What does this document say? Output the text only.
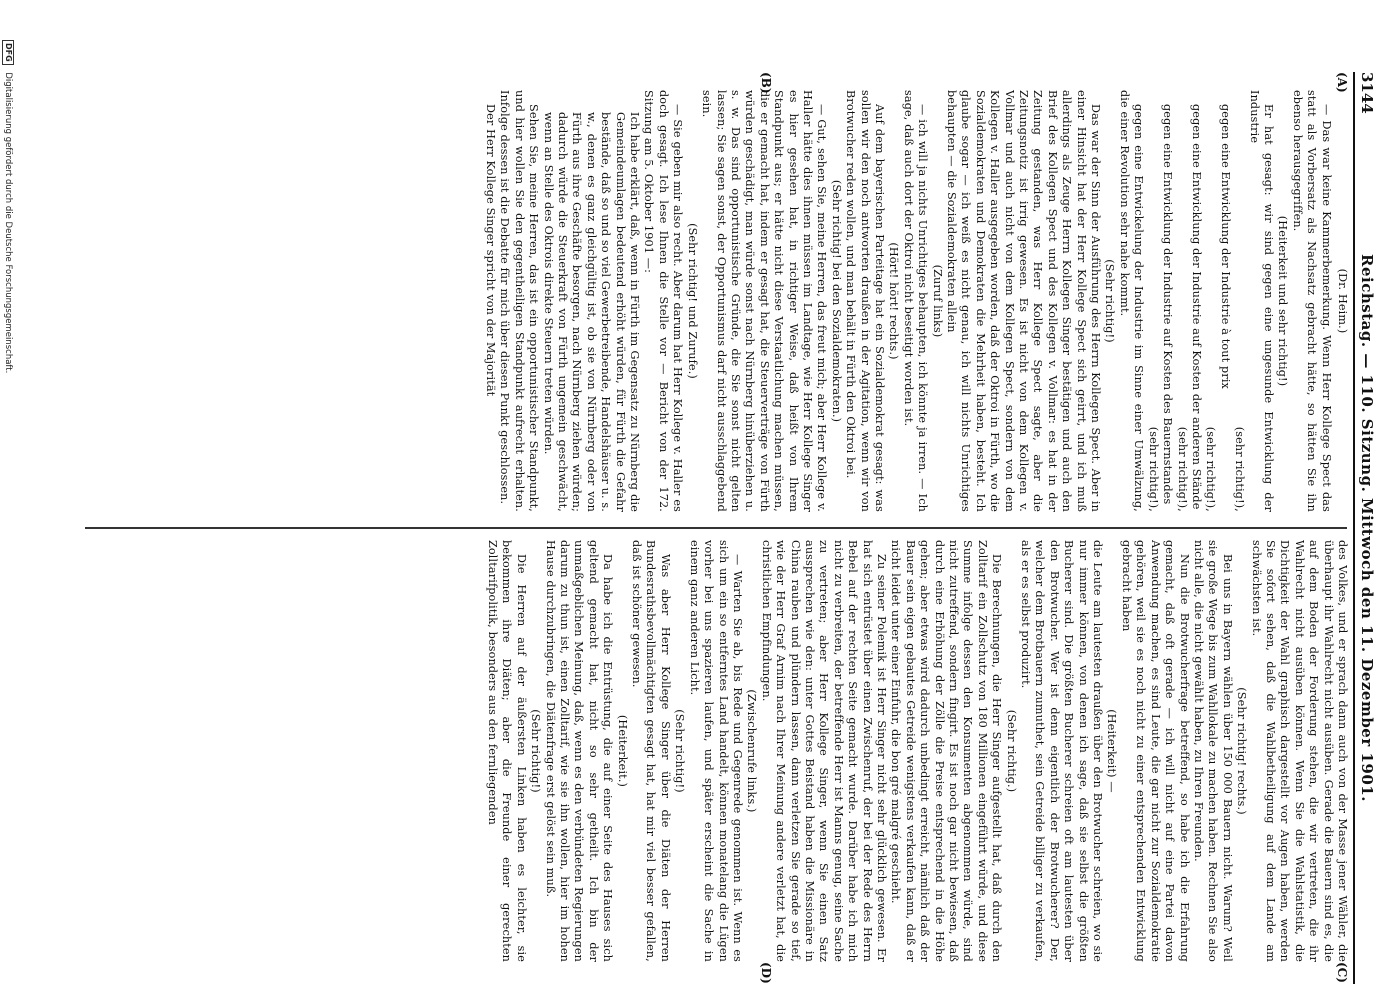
3144
Reichstag. — 110. Sitzung. Mittwoch den 11. Dezember 1901.
(A)
(B)
(C)
(D)

(Dr. Heim.)

— Das war keine Kammerbemerkung. Wenn Herr Kollege Spect das statt als Vorbersatz als Nachsatz gebracht hätte, so hätten Sie ihn ebenso herausgegriffen.

(Heiterkeit und sehr richtig!)

Er hat gesagt: wir sind gegen eine ungesunde Entwicklung der Industrie

(sehr richtig!),

gegen eine Entwicklung der Industrie à tout prix

(sehr richtig!),

gegen eine Entwicklung der Industrie auf Kosten der anderen Stände

(sehr richtig!),

gegen eine Entwicklung der Industrie auf Kosten des Bauernstandes

(sehr richtig!),

gegen eine Entwickelung der Industrie im Sinne einer Umwälzung, die einer Revolution sehr nahe kommt.

(Sehr richtig!)

Das war der Sinn der Ausführung des Herrn Kollegen Spect. Aber in einer Hinsicht hat der Herr Kollege Spect sich geirrt, und ich muß allerdings als Zeuge Herrn Kollegen Singer bestätigen und auch den Brief des Kollegen Spect und des Kollegen v. Vollmar: es hat in der Zeitung gestanden, was Herr Kollege Spect sagte, aber die Zeitungsnotiz ist irrig gewesen. Es ist nicht von dem Kollegen v. Vollmar und auch nicht von dem Kollegen Spect, sondern von dem Kollegen v. Haller ausgegeben worden, daß der Oktroi in Fürth, wo die Sozialdemokraten und Demokraten die Mehrheit haben, besteht. Ich glaube sogar — ich weiß es nicht genau, ich will nichts Unrichtiges behaupten — die Sozialdemokraten allein

(Zuruf links)

— ich will ja nichts Unrichtiges behaupten, ich könnte ja irren. — Ich sage, daß auch dort der Oktroi nicht beseitigt worden ist.

(Hört! hört! rechts.)

Auf dem bayerischen Parteitage hat ein Sozialdemokrat gesagt: was sollen wir den noch antworten draußen in der Agitation, wenn wir von Brotwucher reden wollen, und man behält in Fürth den Oktroi bei.

(Sehr richtig! bei den Sozialdemokraten.)

— Gut, sehen Sie, meine Herren, das freut mich; aber Herr Kollege v. Haller hätte dies ihnen müssen im Landtage, wie Herr Kollege Singer es hier gesehen hat, in richtiger Weise, daß heißt von Ihrem Standpunkt aus; er hätte nicht diese Verstaatlichung machen müssen, die er gemacht hat, indem er gesagt hat, die Steuerverträge von Fürth würden geschädigt, man würde sonst nach Nürnberg hinüberziehen u. s. w. Das sind opportunistische Gründe, die Sie sonst nicht gelten lassen; Sie sagen sonst, der Opportunismus darf nicht ausschlaggebend sein.

(Sehr richtig! und Zurufe.)

— Sie geben mir also recht. Aber darum hat Herr Kollege v. Haller es doch gesagt. Ich lese Ihnen die Stelle vor — Bericht von der 172. Sitzung am 5. Oktober 1901 —:

Ich habe erklärt, daß, wenn in Fürth im Gegensatz zu Nürnberg die Gemeindeumlagen bedeutend erhöht würden, für Fürth die Gefahr bestände, daß so und so viel Gewerbetreibende, Handelshäuser u. s. w., denen es ganz gleichgültig ist, ob sie von Nürnberg oder von Fürth aus ihre Geschäfte besorgen, nach Nürnberg ziehen würden; dadurch würde die Steuerkraft von Fürth ungemein geschwächt, wenn an Stelle des Oktrois direkte Steuern treten würden.

Sehen Sie, meine Herren, das ist ein opportunistischer Standpunkt, und hier wollen Sie den gegentheiligen Standpunkt aufrecht erhalten. Infolge dessen ist die Debatte für mich über diesen Punkt geschlossen.

Der Herr Kollege Singer spricht von der Majorität

des Volkes, und er sprach dann auch von der Masse jener Wähler, die überhaupt ihr Wahlrecht nicht ausüben. Gerade die Bauern sind es, die auf dem Boden der Forderung stehen, die wir vertreten, die ihr Wahlrecht nicht ausüben können. Wenn Sie die Wahlstatistik, die Dichtigkeit der Wahl graphisch dargestellt vor Augen haben, werden Sie sofort sehen, daß die Wahlbetheiligung auf dem Lande am schwächsten ist.

(Sehr richtig! rechts.)

Bei uns in Bayern wählen über 150 000 Bauern nicht. Warum? Weil sie große Wege bis zum Wahllokale zu machen haben. Rechnen Sie also nicht alle, die nicht gewählt haben, zu Ihren Freunden.

Nun die Brotwucherfrage betreffend, so habe ich die Erfahrung gemacht, daß oft gerade — ich will nicht auf eine Partei davon Anwendung machen, es sind Leute, die gar nicht zur Sozialdemokratie gehören, weil sie es noch nicht zu einer entsprechenden Entwicklung gebracht haben

(Heiterkeit) —

die Leute am lautesten draußen über den Brotwucher schreien, wo sie nur immer können, von denen ich sage, daß sie selbst die größten Bucherer sind. Die größten Bucherer schreien oft am lautesten über den Brotwucher. Wer ist denn eigentlich der Brotwucherer? Der, welcher dem Brotbauern zumuthet, sein Getreide billiger zu verkaufen, als er es selbst produzirt.

(Sehr richtig.)

Die Berechnungen, die Herr Singer aufgestellt hat, daß durch den Zolltarif ein Zollschutz von 180 Millionen eingeführt würde, und diese Summe infolge dessen den Konsumenten abgenommen würde, sind nicht zutreffend, sondern fingirt. Es ist noch gar nicht bewiesen, daß durch eine Erhöhung der Zölle die Preise entsprechend in die Höhe gehen; aber etwas wird dadurch unbedingt erreicht, nämlich daß der Bauer sein eigen gebautes Getreide wenigstens verkaufen kann, daß er nicht leidet unter einer Einfuhr, die bon gré malgré geschieht.

Zu seiner Polemik ist Herr Singer nicht sehr glücklich gewesen. Er hat sich entrüstet über einen Zwischenruf, der bei der Rede des Herrn Bebel auf der rechten Seite gemacht wurde. Darüber habe ich mich nicht zu verbreiten, der betreffende Herr ist Manns genug, seine Sache zu vertreten; aber Herr Kollege Singer, wenn Sie einen Satz aussprechen wie den: unter Gottes Beistand haben die Missionäre in China rauben und plündern lassen, dann verletzen Sie gerade so tief, wie der Herr Graf Arnim nach Ihrer Meinung andere verletzt hat, die christlichen Empfindungen.

(Zwischenrufe links.)

— Warten Sie ab, bis Rede und Gegenrede genommen ist. Wenn es sich um ein so entferntes Land handelt, können monatelang die Lügen vorher bei uns spazieren laufen, und später erscheint die Sache in einem ganz anderen Licht.

(Sehr richtig!)

Was aber Herr Kollege Singer über die Diäten der Herren Bundesrathsbevollmächtigten gesagt hat, hat mir viel besser gefallen, daß ist schöner gewesen.

(Heiterkeit.)

Da habe ich die Entrüstung, die auf einer Seite des Hauses sich geltend gemacht hat, nicht so sehr getheilt. Ich bin der unmaßgeblichen Meinung, daß, wenn es den verbündeten Regierungen darum zu thun ist, einen Zolltarif, wie sie ihn wollen, hier im hohen Hause durchzubringen, die Diätenfrage erst gelöst sein muß.

(Sehr richtig!)

Die Herren auf der äußersten Linken haben es leichter, sie bekommen ihre Diäten; aber die Freunde einer gerechten Zolltarifpolitik, besonders aus den fernliegenden

DFG Digitalisierung gefördert durch die Deutsche Forschungsgemeinschaft.
